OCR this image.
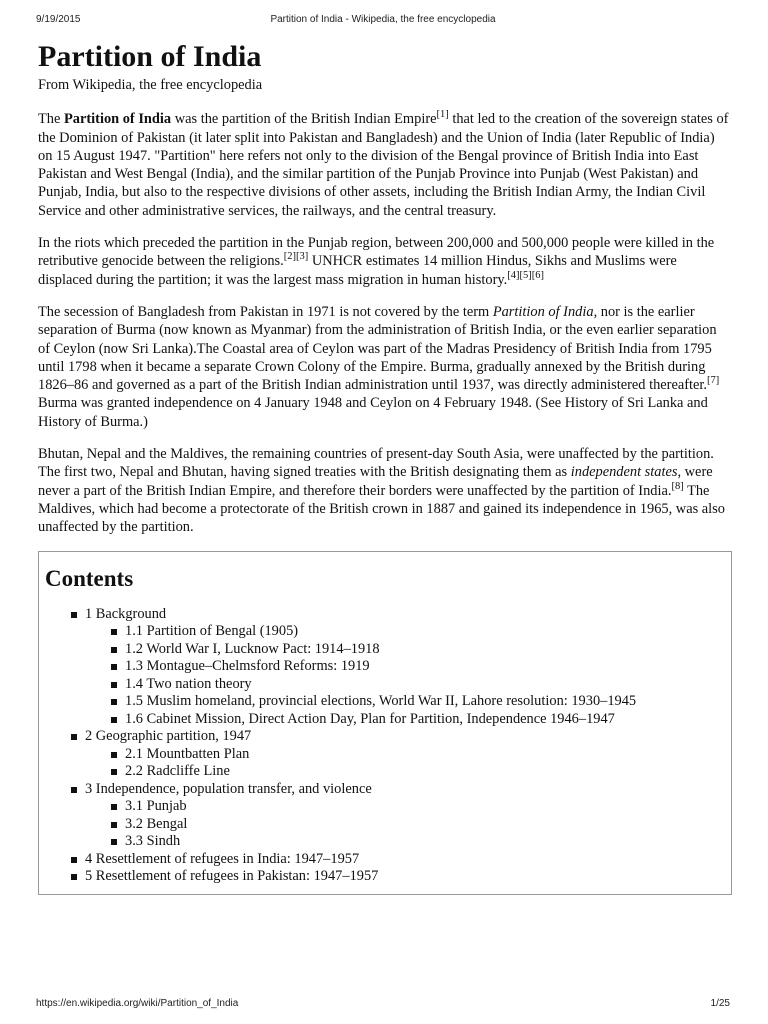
9/19/2015	Partition of India - Wikipedia, the free encyclopedia
Partition of India
From Wikipedia, the free encyclopedia

The Partition of India was the partition of the British Indian Empire[1] that led to the creation of the sovereign states of the Dominion of Pakistan (it later split into Pakistan and Bangladesh) and the Union of India (later Republic of India) on 15 August 1947. "Partition" here refers not only to the division of the Bengal province of British India into East Pakistan and West Bengal (India), and the similar partition of the Punjab Province into Punjab (West Pakistan) and Punjab, India, but also to the respective divisions of other assets, including the British Indian Army, the Indian Civil Service and other administrative services, the railways, and the central treasury.

In the riots which preceded the partition in the Punjab region, between 200,000 and 500,000 people were killed in the retributive genocide between the religions.[2][3] UNHCR estimates 14 million Hindus, Sikhs and Muslims were displaced during the partition; it was the largest mass migration in human history.[4][5][6]

The secession of Bangladesh from Pakistan in 1971 is not covered by the term Partition of India, nor is the earlier separation of Burma (now known as Myanmar) from the administration of British India, or the even earlier separation of Ceylon (now Sri Lanka).The Coastal area of Ceylon was part of the Madras Presidency of British India from 1795 until 1798 when it became a separate Crown Colony of the Empire. Burma, gradually annexed by the British during 1826–86 and governed as a part of the British Indian administration until 1937, was directly administered thereafter.[7] Burma was granted independence on 4 January 1948 and Ceylon on 4 February 1948. (See History of Sri Lanka and History of Burma.)

Bhutan, Nepal and the Maldives, the remaining countries of present-day South Asia, were unaffected by the partition. The first two, Nepal and Bhutan, having signed treaties with the British designating them as independent states, were never a part of the British Indian Empire, and therefore their borders were unaffected by the partition of India.[8] The Maldives, which had become a protectorate of the British crown in 1887 and gained its independence in 1965, was also unaffected by the partition.

Contents
1 Background
1.1 Partition of Bengal (1905)
1.2 World War I, Lucknow Pact: 1914–1918
1.3 Montague–Chelmsford Reforms: 1919
1.4 Two nation theory
1.5 Muslim homeland, provincial elections, World War II, Lahore resolution: 1930–1945
1.6 Cabinet Mission, Direct Action Day, Plan for Partition, Independence 1946–1947
2 Geographic partition, 1947
2.1 Mountbatten Plan
2.2 Radcliffe Line
3 Independence, population transfer, and violence
3.1 Punjab
3.2 Bengal
3.3 Sindh
4 Resettlement of refugees in India: 1947–1957
5 Resettlement of refugees in Pakistan: 1947–1957
https://en.wikipedia.org/wiki/Partition_of_India	1/25
